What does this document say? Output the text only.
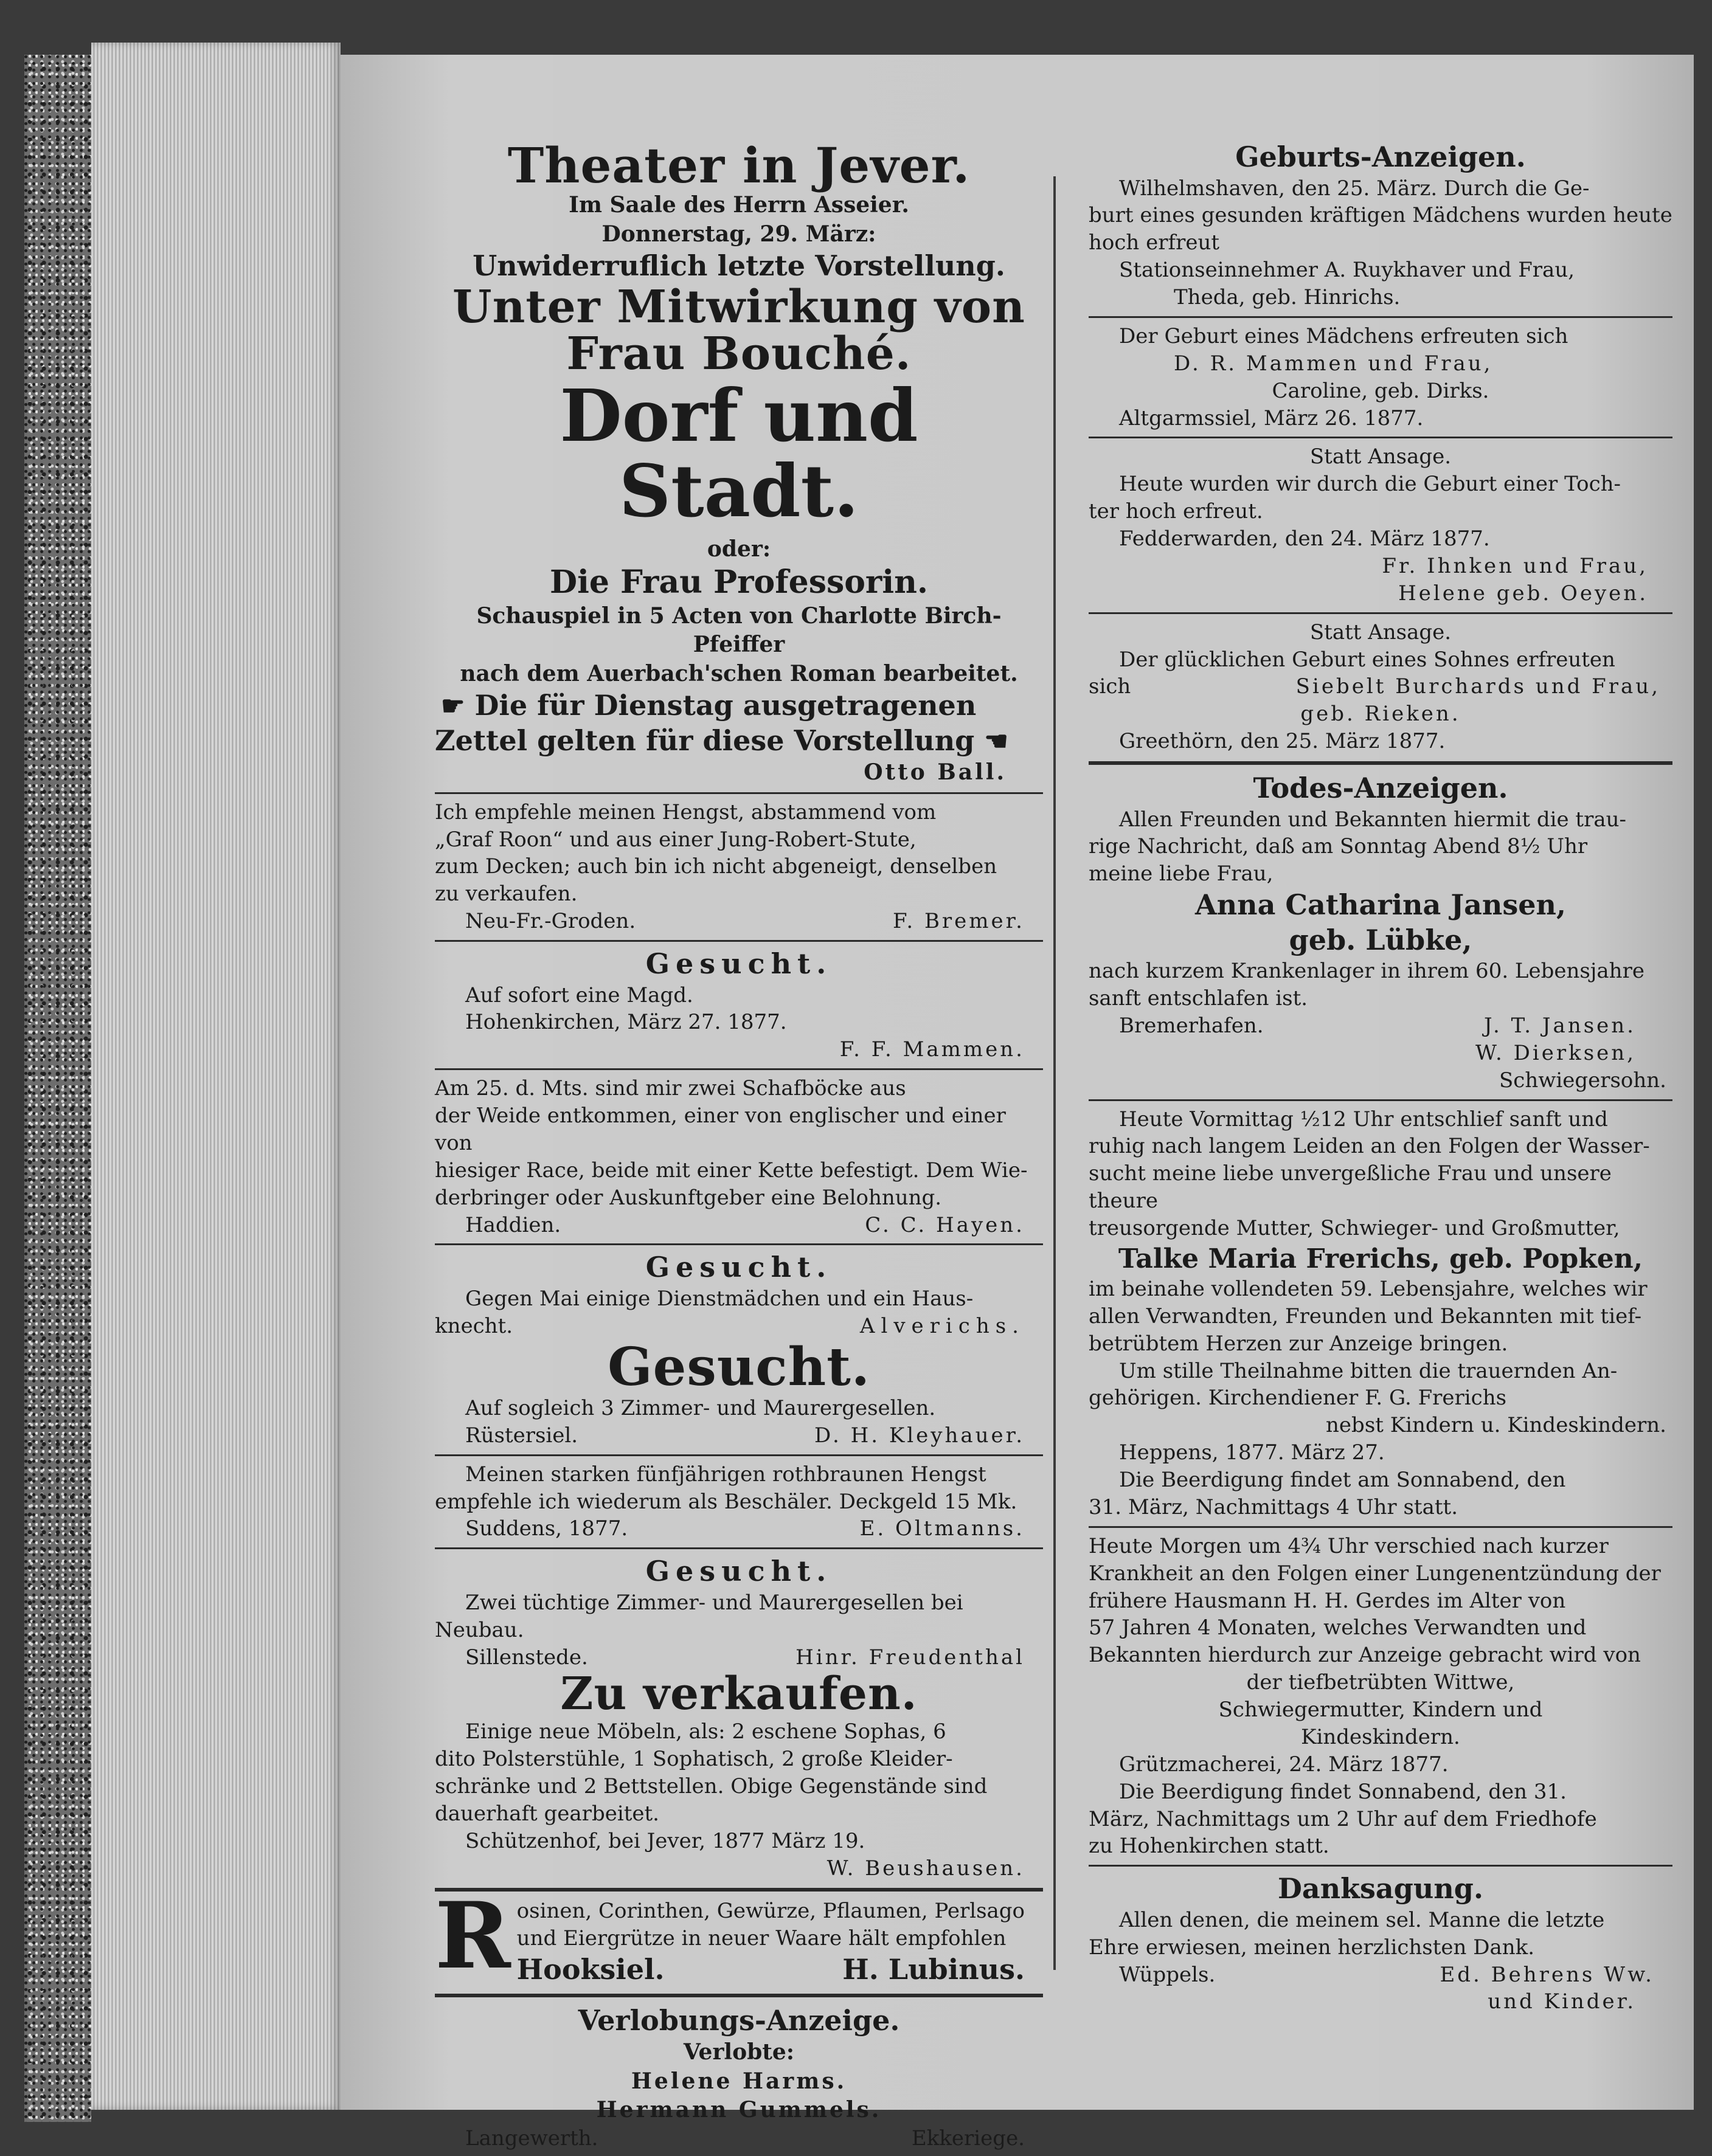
Theater in Jever.
Im Saale des Herrn Asseier.
Donnerstag, 29. März:
Unwiderruflich letzte Vorstellung.
Unter Mitwirkung von
Frau Bouché.
Dorf und Stadt.
oder:
Die Frau Professorin.
Schauspiel in 5 Acten von Charlotte Birch-Pfeiffer
nach dem Auerbach'schen Roman bearbeitet.
☛ Die für Dienstag ausgetragenen
Zettel gelten für diese Vorstellung ☚
Otto Ball.
Ich empfehle meinen Hengst, abstammend vom
„Graf Roon“ und aus einer Jung-Robert-Stute,
zum Decken; auch bin ich nicht abgeneigt, denselben
zu verkaufen.
Neu-Fr.-Groden.	F. Bremer.
Gesucht.
Auf sofort eine Magd.
Hohenkirchen, März 27. 1877.
F. F. Mammen.
Am 25. d. Mts. sind mir zwei Schafböcke aus
der Weide entkommen, einer von englischer und einer von
hiesiger Race, beide mit einer Kette befestigt. Dem Wie-
derbringer oder Auskunftgeber eine Belohnung.
Haddien.	C. C. Hayen.
Gesucht.
Gegen Mai einige Dienstmädchen und ein Haus-
knecht.	Alverichs.
Gesucht.
Auf sogleich 3 Zimmer- und Maurergesellen.
Rüstersiel.	D. H. Kleyhauer.
Meinen starken fünfjährigen rothbraunen Hengst
empfehle ich wiederum als Beschäler. Deckgeld 15 Mk.
Suddens, 1877.	E. Oltmanns.
Gesucht.
Zwei tüchtige Zimmer- und Maurergesellen bei
Neubau.
Sillenstede.	Hinr. Freudenthal
Zu verkaufen.
Einige neue Möbeln, als: 2 eschene Sophas, 6
dito Polsterstühle, 1 Sophatisch, 2 große Kleider-
schränke und 2 Bettstellen. Obige Gegenstände sind
dauerhaft gearbeitet.
Schützenhof, bei Jever, 1877 März 19.
W. Beushausen.
R osinen, Corinthen, Gewürze, Pflaumen, Perlsago
und Eiergrütze in neuer Waare hält empfohlen
Hooksiel.	H. Lubinus.
Verlobungs-Anzeige.
Verlobte:
Helene Harms.
Hermann Gummels.
Langewerth.	Ekkeriege.
Geburts-Anzeigen.
Wilhelmshaven, den 25. März. Durch die Ge-
burt eines gesunden kräftigen Mädchens wurden heute
hoch erfreut
Stationseinnehmer A. Ruykhaver und Frau,
Theda, geb. Hinrichs.
Der Geburt eines Mädchens erfreuten sich
D. R. Mammen und Frau,
Caroline, geb. Dirks.
Altgarmssiel, März 26. 1877.
Statt Ansage.
Heute wurden wir durch die Geburt einer Toch-
ter hoch erfreut.
Fedderwarden, den 24. März 1877.
Fr. Ihnken und Frau,
Helene geb. Oeyen.
Statt Ansage.
Der glücklichen Geburt eines Sohnes erfreuten
sich	Siebelt Burchards und Frau,
geb. Rieken.
Greethörn, den 25. März 1877.
Todes-Anzeigen.
Allen Freunden und Bekannten hiermit die trau-
rige Nachricht, daß am Sonntag Abend 8½ Uhr
meine liebe Frau,
Anna Catharina Jansen,
geb. Lübke,
nach kurzem Krankenlager in ihrem 60. Lebensjahre
sanft entschlafen ist.
Bremerhafen.	J. T. Jansen.
W. Dierksen,
Schwiegersohn.
Heute Vormittag ½12 Uhr entschlief sanft und
ruhig nach langem Leiden an den Folgen der Wasser-
sucht meine liebe unvergeßliche Frau und unsere theure
treusorgende Mutter, Schwieger- und Großmutter,
Talke Maria Frerichs, geb. Popken,
im beinahe vollendeten 59. Lebensjahre, welches wir
allen Verwandten, Freunden und Bekannten mit tief-
betrübtem Herzen zur Anzeige bringen.
Um stille Theilnahme bitten die trauernden An-
gehörigen. Kirchendiener F. G. Frerichs
nebst Kindern u. Kindeskindern.
Heppens, 1877. März 27.
Die Beerdigung findet am Sonnabend, den
31. März, Nachmittags 4 Uhr statt.
Heute Morgen um 4¾ Uhr verschied nach kurzer
Krankheit an den Folgen einer Lungenentzündung der
frühere Hausmann H. H. Gerdes im Alter von
57 Jahren 4 Monaten, welches Verwandten und
Bekannten hierdurch zur Anzeige gebracht wird von
der tiefbetrübten Wittwe,
Schwiegermutter, Kindern und
Kindeskindern.
Grützmacherei, 24. März 1877.
Die Beerdigung findet Sonnabend, den 31.
März, Nachmittags um 2 Uhr auf dem Friedhofe
zu Hohenkirchen statt.
Danksagung.
Allen denen, die meinem sel. Manne die letzte
Ehre erwiesen, meinen herzlichsten Dank.
Wüppels.	Ed. Behrens Ww.
und Kinder.
